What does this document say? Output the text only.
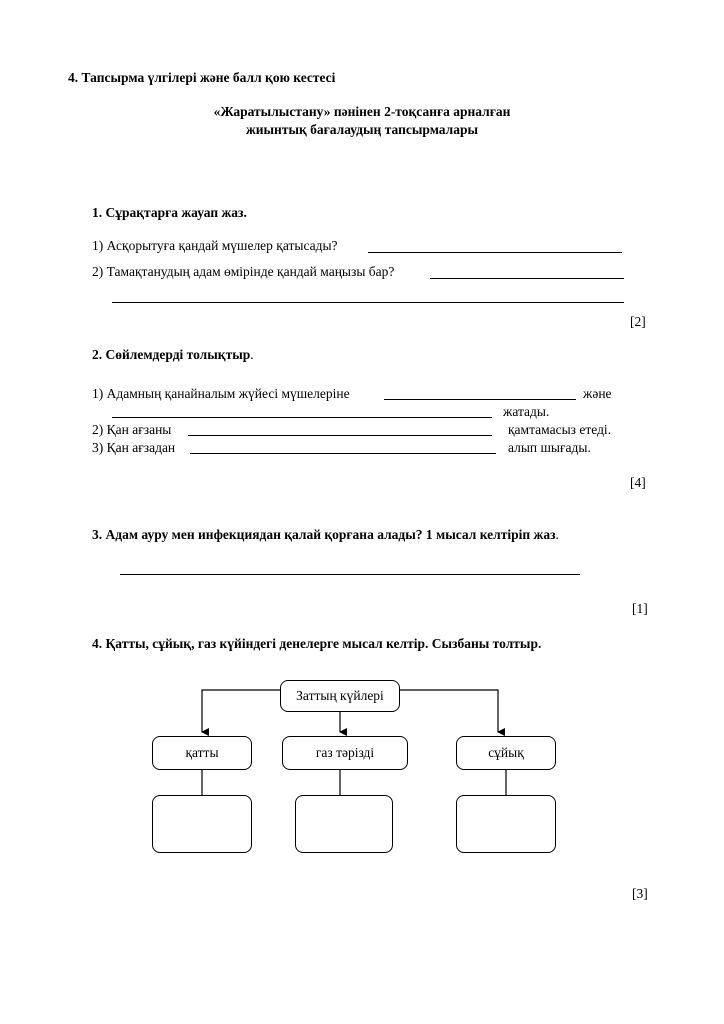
4. Тапсырма үлгілері және балл қою кестесі
«Жаратылыстану» пәнінен 2-тоқсанға арналған
жиынтық бағалаудың тапсырмалары
1. Сұрақтарға жауап жаз.
1) Асқорытуға қандай мүшелер қатысады?
2) Тамақтанудың адам өмірінде қандай маңызы бар?
[2]
2. Сөйлемдерді толықтыр.
1) Адамның қанайналым жүйесі мүшелеріне	және
жатады.
2) Қан ағзаны	қамтамасыз етеді.
3) Қан ағзадан	алып шығады.
[4]
3. Адам ауру мен инфекциядан қалай қорғана алады? 1 мысал келтіріп жаз.
[1]
4. Қатты, сұйық, газ күйіндегі денелерге мысал келтір. Сызбаны толтыр.
Заттың күйлері
қатты	газ тәрізді	сұйық
[3]
